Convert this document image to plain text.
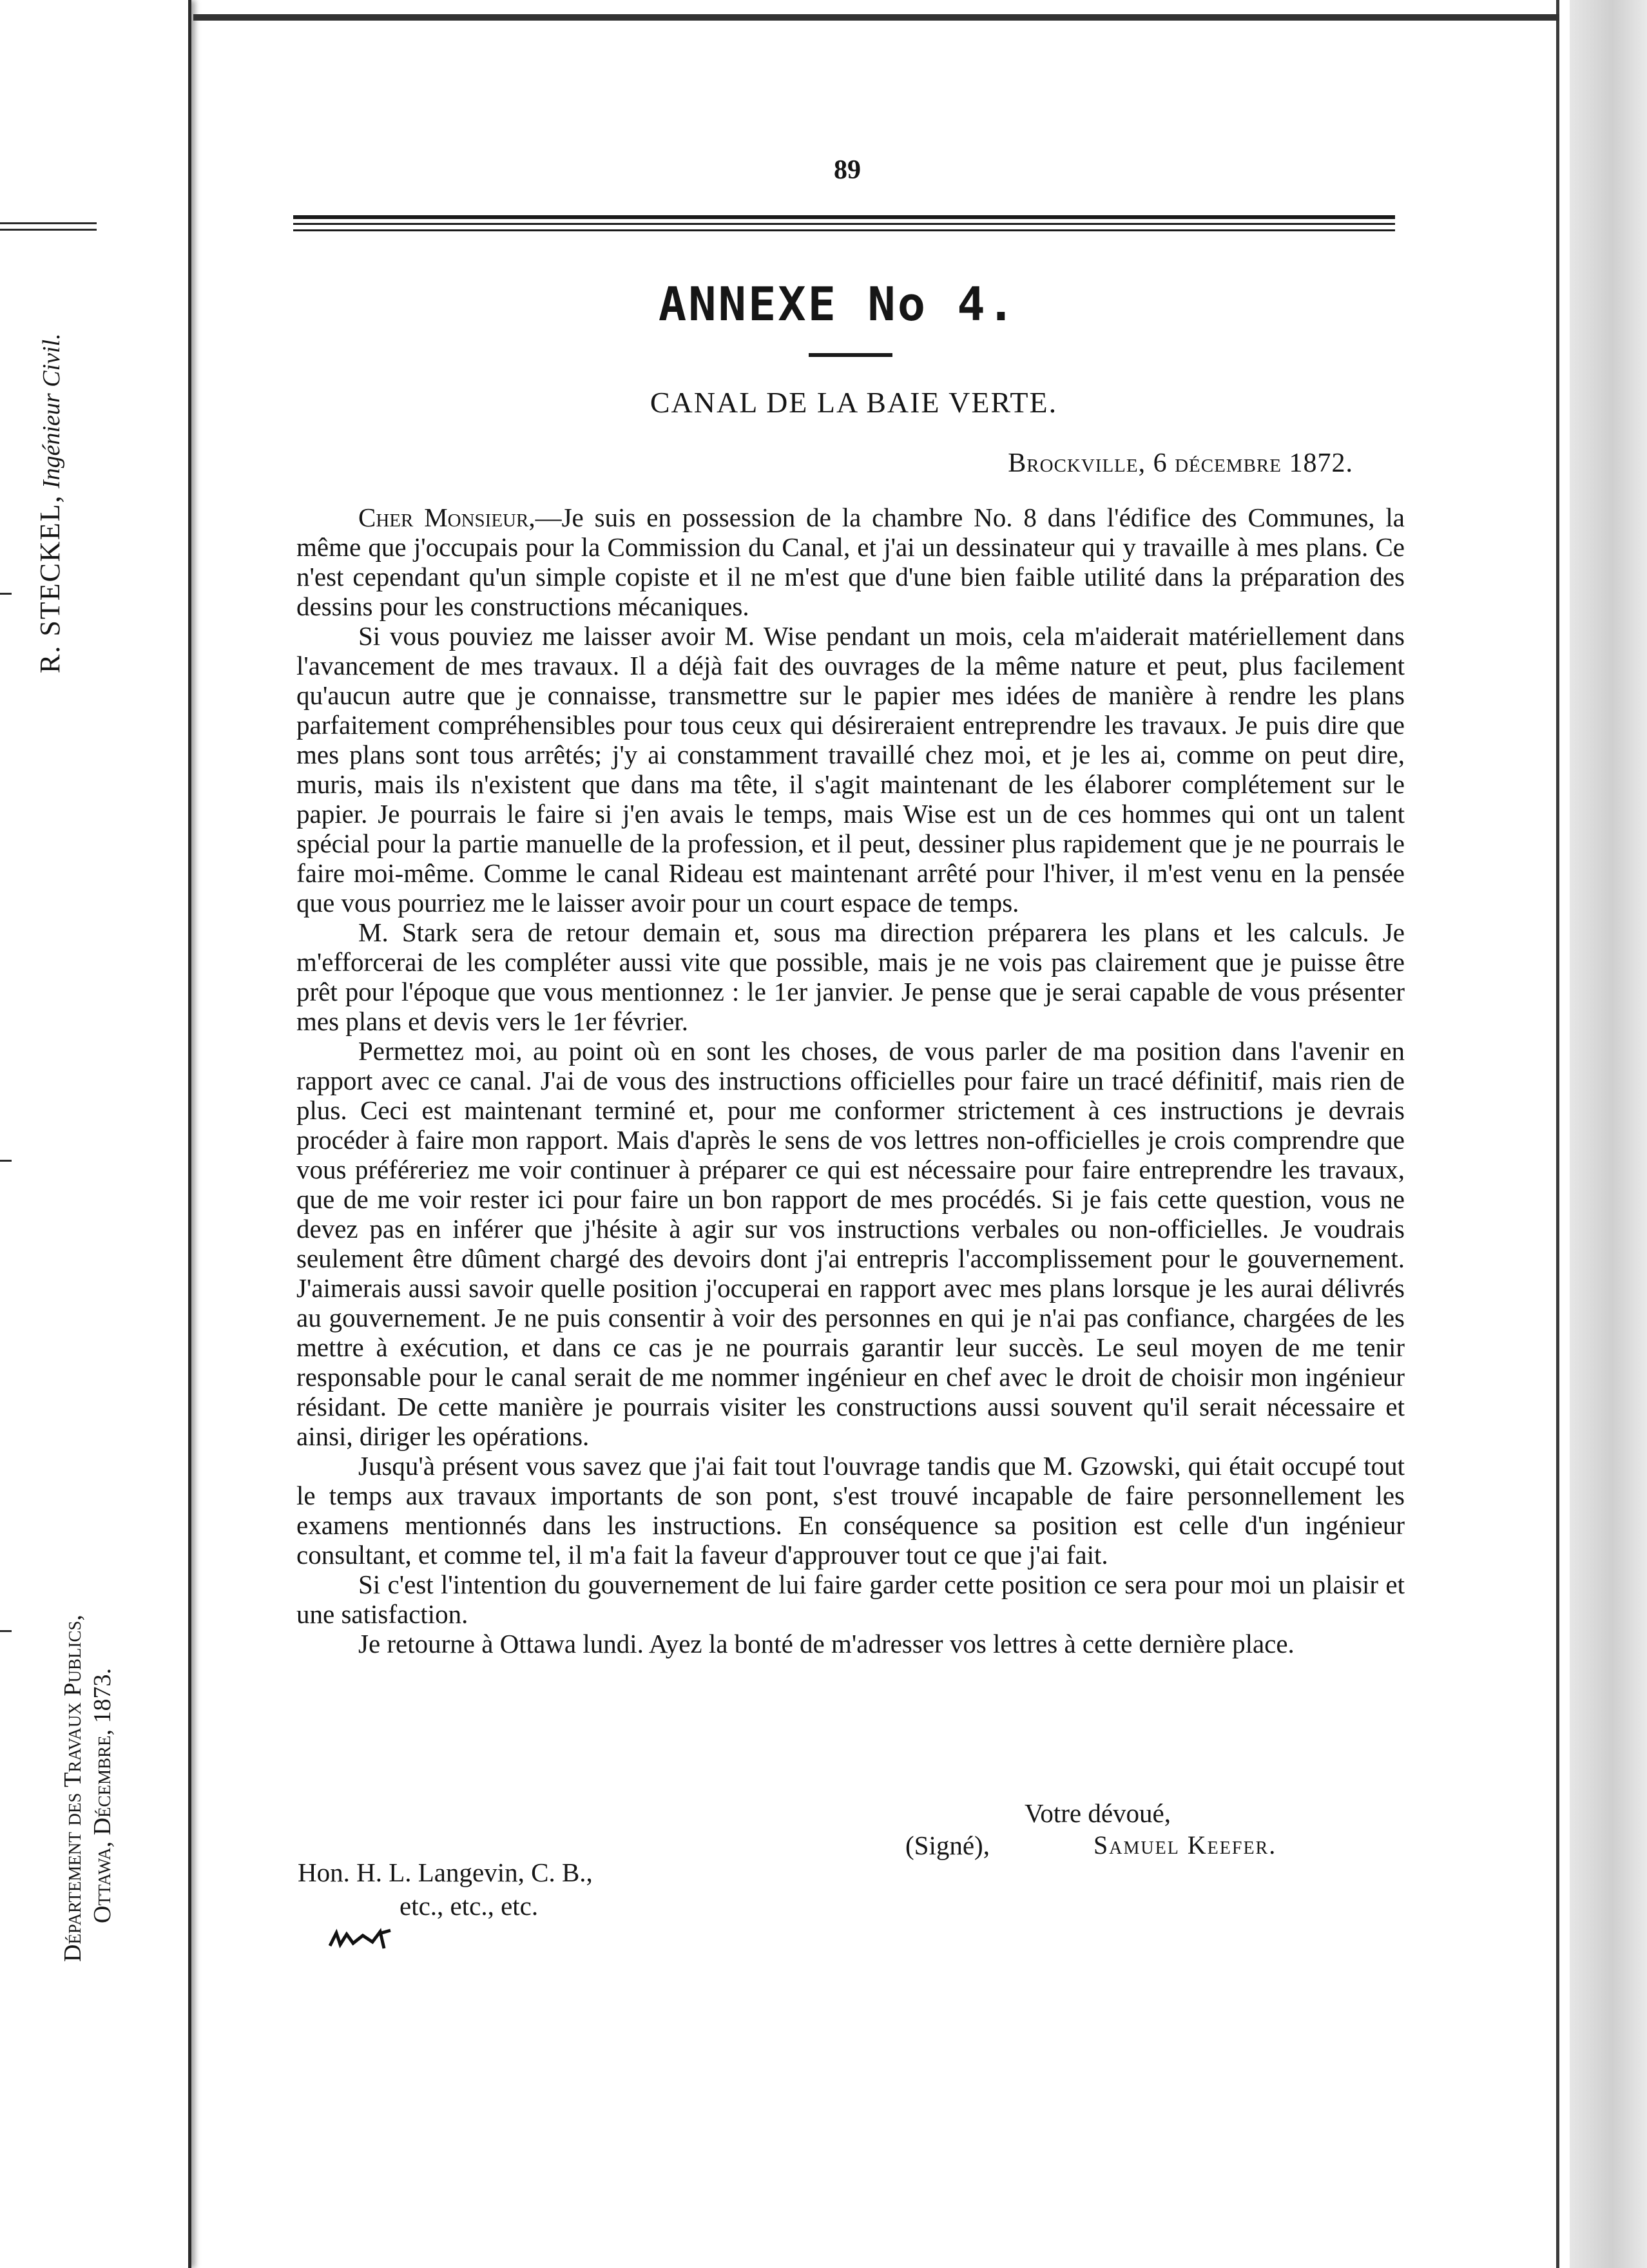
R. STECKEL, Ingénieur Civil.
Département des Travaux Publics, Ottawa, Décembre, 1873.
89
ANNEXE No 4.
CANAL DE LA BAIE VERTE.
Brockville, 6 décembre 1872.

Cher Monsieur,—Je suis en possession de la chambre No. 8 dans l'édifice des Communes, la même que j'occupais pour la Commission du Canal, et j'ai un dessinateur qui y travaille à mes plans. Ce n'est cependant qu'un simple copiste et il ne m'est que d'une bien faible utilité dans la préparation des dessins pour les constructions mécaniques.

Si vous pouviez me laisser avoir M. Wise pendant un mois, cela m'aiderait matériellement dans l'avancement de mes travaux. Il a déjà fait des ouvrages de la même nature et peut, plus facilement qu'aucun autre que je connaisse, transmettre sur le papier mes idées de manière à rendre les plans parfaitement compréhensibles pour tous ceux qui désireraient entreprendre les travaux. Je puis dire que mes plans sont tous arrêtés; j'y ai constamment travaillé chez moi, et je les ai, comme on peut dire, muris, mais ils n'existent que dans ma tête, il s'agit maintenant de les élaborer complétement sur le papier. Je pourrais le faire si j'en avais le temps, mais Wise est un de ces hommes qui ont un talent spécial pour la partie manuelle de la profession, et il peut, dessiner plus rapidement que je ne pourrais le faire moi-même. Comme le canal Rideau est maintenant arrêté pour l'hiver, il m'est venu en la pensée que vous pourriez me le laisser avoir pour un court espace de temps.

M. Stark sera de retour demain et, sous ma direction préparera les plans et les calculs. Je m'efforcerai de les compléter aussi vite que possible, mais je ne vois pas clairement que je puisse être prêt pour l'époque que vous mentionnez : le 1er janvier. Je pense que je serai capable de vous présenter mes plans et devis vers le 1er février.

Permettez moi, au point où en sont les choses, de vous parler de ma position dans l'avenir en rapport avec ce canal. J'ai de vous des instructions officielles pour faire un tracé définitif, mais rien de plus. Ceci est maintenant terminé et, pour me conformer strictement à ces instructions je devrais procéder à faire mon rapport. Mais d'après le sens de vos lettres non-officielles je crois comprendre que vous préféreriez me voir continuer à préparer ce qui est nécessaire pour faire entreprendre les travaux, que de me voir rester ici pour faire un bon rapport de mes procédés. Si je fais cette question, vous ne devez pas en inférer que j'hésite à agir sur vos instructions verbales ou non-officielles. Je voudrais seulement être dûment chargé des devoirs dont j'ai entrepris l'accomplissement pour le gouvernement. J'aimerais aussi savoir quelle position j'occuperai en rapport avec mes plans lorsque je les aurai délivrés au gouvernement. Je ne puis consentir à voir des personnes en qui je n'ai pas confiance, chargées de les mettre à exécution, et dans ce cas je ne pourrais garantir leur succès. Le seul moyen de me tenir responsable pour le canal serait de me nommer ingénieur en chef avec le droit de choisir mon ingénieur résidant. De cette manière je pourrais visiter les constructions aussi souvent qu'il serait nécessaire et ainsi, diriger les opérations.

Jusqu'à présent vous savez que j'ai fait tout l'ouvrage tandis que M. Gzowski, qui était occupé tout le temps aux travaux importants de son pont, s'est trouvé incapable de faire personnellement les examens mentionnés dans les instructions. En conséquence sa position est celle d'un ingénieur consultant, et comme tel, il m'a fait la faveur d'approuver tout ce que j'ai fait.

Si c'est l'intention du gouvernement de lui faire garder cette position ce sera pour moi un plaisir et une satisfaction.

Je retourne à Ottawa lundi. Ayez la bonté de m'adresser vos lettres à cette dernière place.

Votre dévoué,
(Signé),	Samuel Keefer.
Hon. H. L. Langevin, C. B.,
etc., etc., etc.
